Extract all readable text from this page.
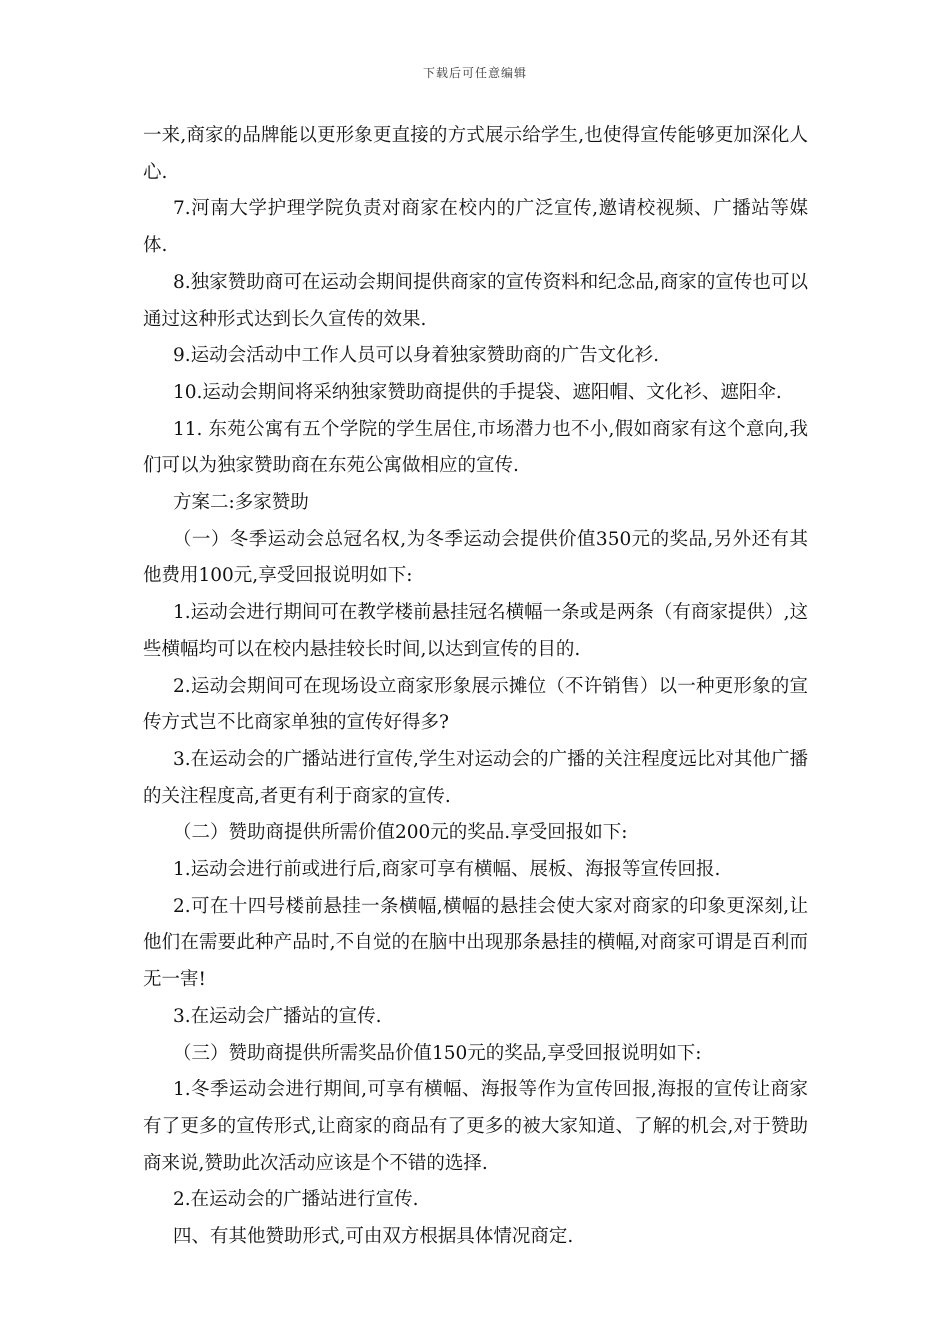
下载后可任意编辑

一来,商家的品牌能以更形象更直接的方式展示给学生,也使得宣传能够更加深化人心.

7.河南大学护理学院负责对商家在校内的广泛宣传,邀请校视频、广播站等媒体.

8.独家赞助商可在运动会期间提供商家的宣传资料和纪念品,商家的宣传也可以通过这种形式达到长久宣传的效果.

9.运动会活动中工作人员可以身着独家赞助商的广告文化衫.

10.运动会期间将采纳独家赞助商提供的手提袋、遮阳帽、文化衫、遮阳伞.

11. 东苑公寓有五个学院的学生居住,市场潜力也不小,假如商家有这个意向,我们可以为独家赞助商在东苑公寓做相应的宣传.

方案二:多家赞助

（一）冬季运动会总冠名权,为冬季运动会提供价值350元的奖品,另外还有其他费用100元,享受回报说明如下:

1.运动会进行期间可在教学楼前悬挂冠名横幅一条或是两条（有商家提供）,这些横幅均可以在校内悬挂较长时间,以达到宣传的目的.

2.运动会期间可在现场设立商家形象展示摊位（不许销售）以一种更形象的宣传方式岂不比商家单独的宣传好得多?

3.在运动会的广播站进行宣传,学生对运动会的广播的关注程度远比对其他广播的关注程度高,者更有利于商家的宣传.

（二）赞助商提供所需价值200元的奖品.享受回报如下:

1.运动会进行前或进行后,商家可享有横幅、展板、海报等宣传回报.

2.可在十四号楼前悬挂一条横幅,横幅的悬挂会使大家对商家的印象更深刻,让他们在需要此种产品时,不自觉的在脑中出现那条悬挂的横幅,对商家可谓是百利而无一害!

3.在运动会广播站的宣传.

（三）赞助商提供所需奖品价值150元的奖品,享受回报说明如下:

1.冬季运动会进行期间,可享有横幅、海报等作为宣传回报,海报的宣传让商家有了更多的宣传形式,让商家的商品有了更多的被大家知道、了解的机会,对于赞助商来说,赞助此次活动应该是个不错的选择.

2.在运动会的广播站进行宣传.

四、有其他赞助形式,可由双方根据具体情况商定.
